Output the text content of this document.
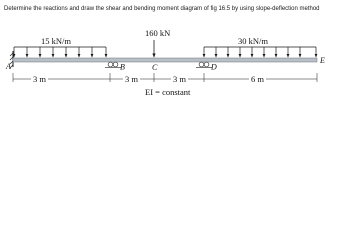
Determine the reactions and draw the shear and bending moment diagram of fig 16.5 by using slope-deflection method
15 kN/m
160 kN
30 kN/m
A	B	C	D
E
3 m	3 m	3 m	6 m
EI = constant
